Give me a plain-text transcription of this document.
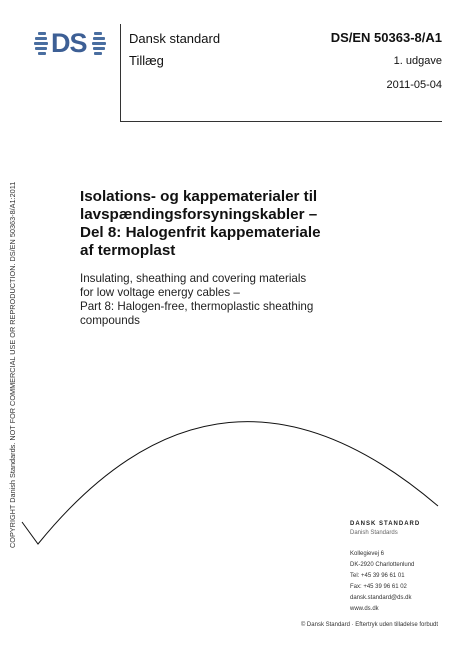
DS	Dansk standard	DS/EN 50363-8/A1
Tillæg	1. udgave
2011-05-04
COPYRIGHT Danish Standards. NOT FOR COMMERCIAL USE OR REPRODUCTION. DS/EN 50363-8/A1:2011	Isolations- og kappematerialer til
lavspændingsforsyningskabler –
Del 8: Halogenfrit kappemateriale
af termoplast
Insulating, sheathing and covering materials
for low voltage energy cables –
Part 8: Halogen-free, thermoplastic sheathing
compounds
DANSK STANDARD
Danish Standards
Kollegievej 6
DK-2920 Charlottenlund
Tel: +45 39 96 61 01
Fax: +45 39 96 61 02
dansk.standard@ds.dk
www.ds.dk
© Dansk Standard · Eftertryk uden tilladelse forbudt
